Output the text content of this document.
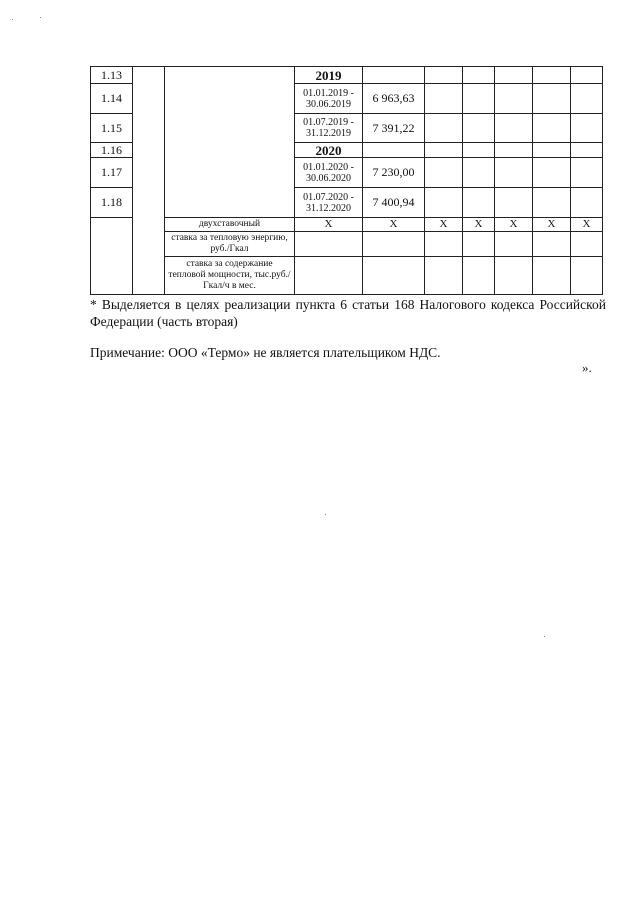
1.13			2019						
1.14			01.01.2019 - 30.06.2019	6 963,63					
1.15			01.07.2019 - 31.12.2019	7 391,22					
1.16			2020						
1.17			01.01.2020 - 30.06.2020	7 230,00					
1.18			01.07.2020 - 31.12.2020	7 400,94					
		двухставочный	X	X	X	X	X	X	X
		ставка за тепловую энергию, руб./Гкал							
		ставка за содержание тепловой мощности, тыс.руб./Гкал/ч в мес.							

* Выделяется в целях реализации пункта 6 статьи 168 Налогового кодекса Российской Федерации (часть вторая)

Примечание: ООО «Термо» не является плательщиком НДС.

».
